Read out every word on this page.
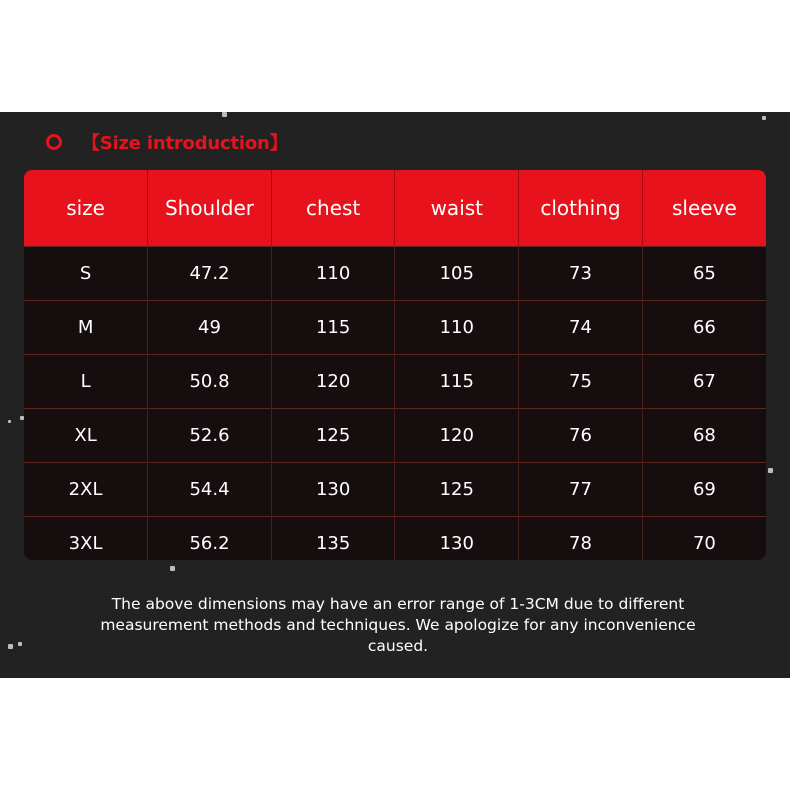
【Size introduction】
size	Shoulder	chest	waist	clothing	sleeve
S	47.2	110	105	73	65
M	49	115	110	74	66
L	50.8	120	115	75	67
XL	52.6	125	120	76	68
2XL	54.4	130	125	77	69
3XL	56.2	135	130	78	70
The above dimensions may have an error range of 1-3CM due to different measurement methods and techniques. We apologize for any inconvenience caused.
